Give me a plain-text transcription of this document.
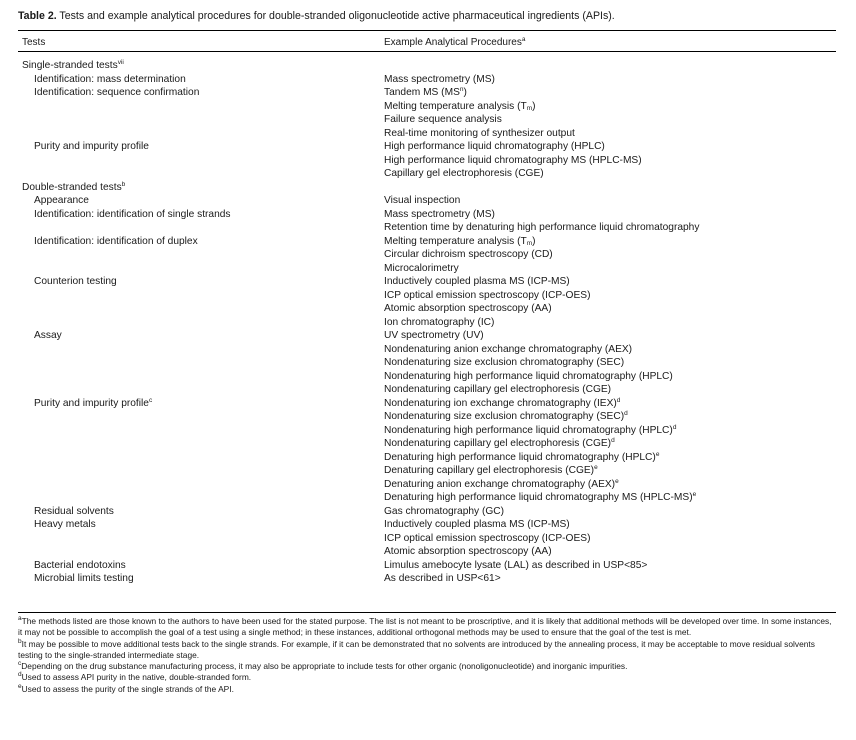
Table 2. Tests and example analytical procedures for double-stranded oligonucleotide active pharmaceutical ingredients (APIs).
Tests	Example Analytical Procedures$^a$
Single-stranded tests$^{vii}$
Identification: mass determination	Mass spectrometry (MS)
Identification: sequence confirmation	Tandem MS $(MS^n)$
Melting temperature analysis $(T_m)$
Failure sequence analysis
Real-time monitoring of synthesizer output
Purity and impurity profile	High performance liquid chromatography (HPLC)
High performance liquid chromatography MS (HPLC-MS)
Capillary gel electrophoresis (CGE)
Double-stranded tests$^b$
Appearance	Visual inspection
Identification: identification of single strands	Mass spectrometry (MS)
Retention time by denaturing high performance liquid chromatography
Identification: identification of duplex	Melting temperature analysis $(T_m)$
Circular dichroism spectroscopy (CD)
Microcalorimetry
Counterion testing	Inductively coupled plasma MS (ICP-MS)
ICP optical emission spectroscopy (ICP-OES)
Atomic absorption spectroscopy (AA)
Ion chromatography (IC)
Assay	UV spectrometry (UV)
Nondenaturing anion exchange chromatography (AEX)
Nondenaturing size exclusion chromatography (SEC)
Nondenaturing high performance liquid chromatography (HPLC)
Nondenaturing capillary gel electrophoresis (CGE)
Purity and impurity profile$^c$	Nondenaturing ion exchange chromatography (IEX)$^d$
Nondenaturing size exclusion chromatography (SEC)$^d$
Nondenaturing high performance liquid chromatography (HPLC)$^d$
Nondenaturing capillary gel electrophoresis (CGE)$^d$
Denaturing high performance liquid chromatography (HPLC)$^e$
Denaturing capillary gel electrophoresis (CGE)$^e$
Denaturing anion exchange chromatography (AEX)$^e$
Denaturing high performance liquid chromatography MS (HPLC-MS)$^e$
Residual solvents	Gas chromatography (GC)
Heavy metals	Inductively coupled plasma MS (ICP-MS)
ICP optical emission spectroscopy (ICP-OES)
Atomic absorption spectroscopy (AA)
Bacterial endotoxins	Limulus amebocyte lysate (LAL) as described in USP<85>
Microbial limits testing	As described in USP<61>
$^a$The methods listed are those known to the authors to have been used for the stated purpose. The list is not meant to be proscriptive, and it is likely that additional methods will be developed over time. In some instances, it may not be possible to accomplish the goal of a test using a single method; in these instances, additional orthogonal methods may be used to ensure that the goal of the test is met.
$^b$It may be possible to move additional tests back to the single strands. For example, if it can be demonstrated that no solvents are introduced by the annealing process, it may be acceptable to move residual solvents testing to the single-stranded intermediate stage.
$^c$Depending on the drug substance manufacturing process, it may also be appropriate to include tests for other organic (nonoligonucleotide) and inorganic impurities.
$^d$Used to assess API purity in the native, double-stranded form.
$^e$Used to assess the purity of the single strands of the API.
